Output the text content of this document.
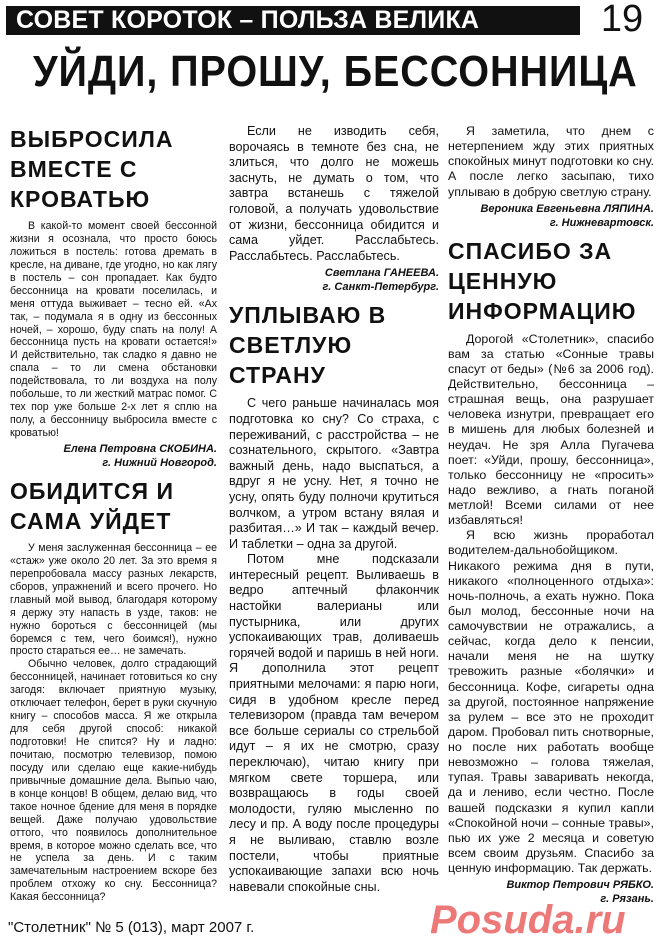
СОВЕТ КОРОТОК – ПОЛЬЗА ВЕЛИКА	19
УЙДИ, ПРОШУ, БЕССОННИЦА
ВЫБРОСИЛА ВМЕСТЕ С КРОВАТЬЮ

В какой-то момент своей бессонной жизни я осознала, что просто боюсь ложиться в постель: готова дремать в кресле, на диване, где угодно, но как лягу в постель – сон пропадает. Как будто бессонница на кровати поселилась, и меня оттуда выживает – тесно ей. «Ах так, – подумала я в одну из бессонных ночей, – хорошо, буду спать на полу! А бессонница пусть на кровати остается!» И действительно, так сладко я давно не спала – то ли смена обстановки подействовала, то ли воздуха на полу побольше, то ли жесткий матрас помог. С тех пор уже больше 2-х лет я сплю на полу, а бессонницу выбросила вместе с кроватью!

Елена Петровна СКОБИНА.
г. Нижний Новгород.
ОБИДИТСЯ И САМА УЙДЕТ

У меня заслуженная бессонница – ее «стаж» уже около 20 лет. За это время я перепробовала массу разных лекарств, сборов, упражнений и всего прочего. Но главный мой вывод, благодаря которому я держу эту напасть в узде, таков: не нужно бороться с бессонницей (мы боремся с тем, чего боимся!), нужно просто стараться ее… не замечать.

Обычно человек, долго страдающий бессонницей, начинает готовиться ко сну загодя: включает приятную музыку, отключает телефон, берет в руки скучную книгу – способов масса. Я же открыла для себя другой способ: никакой подготовки! Не спится? Ну и ладно: почитаю, посмотрю телевизор, помою посуду или сделаю еще какие-нибудь привычные домашние дела. Выпью чаю, в конце концов! В общем, делаю вид, что такое ночное бдение для меня в порядке вещей. Даже получаю удовольствие оттого, что появилось дополнительное время, в которое можно сделать все, что не успела за день. И с таким замечательным настроением вскоре без проблем отхожу ко сну. Бессонница? Какая бессонница?

Если не изводить себя, ворочаясь в темноте без сна, не злиться, что долго не можешь заснуть, не думать о том, что завтра встанешь с тяжелой головой, а получать удовольствие от жизни, бессонница обидится и сама уйдет. Расслабьтесь. Расслабьтесь. Расслабьтесь.

Светлана ГАНЕЕВА.
г. Санкт-Петербург.
УПЛЫВАЮ В СВЕТЛУЮ СТРАНУ

С чего раньше начиналась моя подготовка ко сну? Со страха, с переживаний, с расстройства – не сознательного, скрытого. «Завтра важный день, надо выспаться, а вдруг я не усну. Нет, я точно не усну, опять буду полночи крутиться волчком, а утром встану вялая и разбитая…» И так – каждый вечер. И таблетки – одна за другой.

Потом мне подсказали интересный рецепт. Выливаешь в ведро аптечный флакончик настойки валерианы или пустырника, или других успокаивающих трав, доливаешь горячей водой и паришь в ней ноги. Я дополнила этот рецепт приятными мелочами: я парю ноги, сидя в удобном кресле перед телевизором (правда там вечером все больше сериалы со стрельбой идут – я их не смотрю, сразу переключаю), читаю книгу при мягком свете торшера, или возвращаюсь в годы своей молодости, гуляю мысленно по лесу и пр. А воду после процедуры я не выливаю, ставлю возле постели, чтобы приятные успокаивающие запахи всю ночь навевали спокойные сны.

Я заметила, что днем с нетерпением жду этих приятных спокойных минут подготовки ко сну. А после легко засыпаю, тихо уплываю в добрую светлую страну.

Вероника Евгеньевна ЛЯПИНА.
г. Нижневартовск.
СПАСИБО ЗА ЦЕННУЮ ИНФОРМАЦИЮ

Дорогой «Столетник», спасибо вам за статью «Сонные травы спасут от беды» (№6 за 2006 год). Действительно, бессонница – страшная вещь, она разрушает человека изнутри, превращает его в мишень для любых болезней и неудач. Не зря Алла Пугачева поет: «Уйди, прошу, бессонница», только бессонницу не «просить» надо вежливо, а гнать поганой метлой! Всеми силами от нее избавляться!

Я всю жизнь проработал водителем-дальнобойщиком. Никакого режима дня в пути, никакого «полноценного отдыха»: ночь-полночь, а ехать нужно. Пока был молод, бессонные ночи на самочувствии не отражались, а сейчас, когда дело к пенсии, начали меня не на шутку тревожить разные «болячки» и бессонница. Кофе, сигареты одна за другой, постоянное напряжение за рулем – все это не проходит даром. Пробовал пить снотворные, но после них работать вообще невозможно – голова тяжелая, тупая. Травы заваривать некогда, да и лениво, если честно. После вашей подсказки я купил капли «Спокойной ночи – сонные травы», пью их уже 2 месяца и советую всем своим друзьям. Спасибо за ценную информацию. Так держать.

Виктор Петрович РЯБКО.
г. Рязань.
"Столетник" № 5 (013), март 2007 г.	Posuda.ru
